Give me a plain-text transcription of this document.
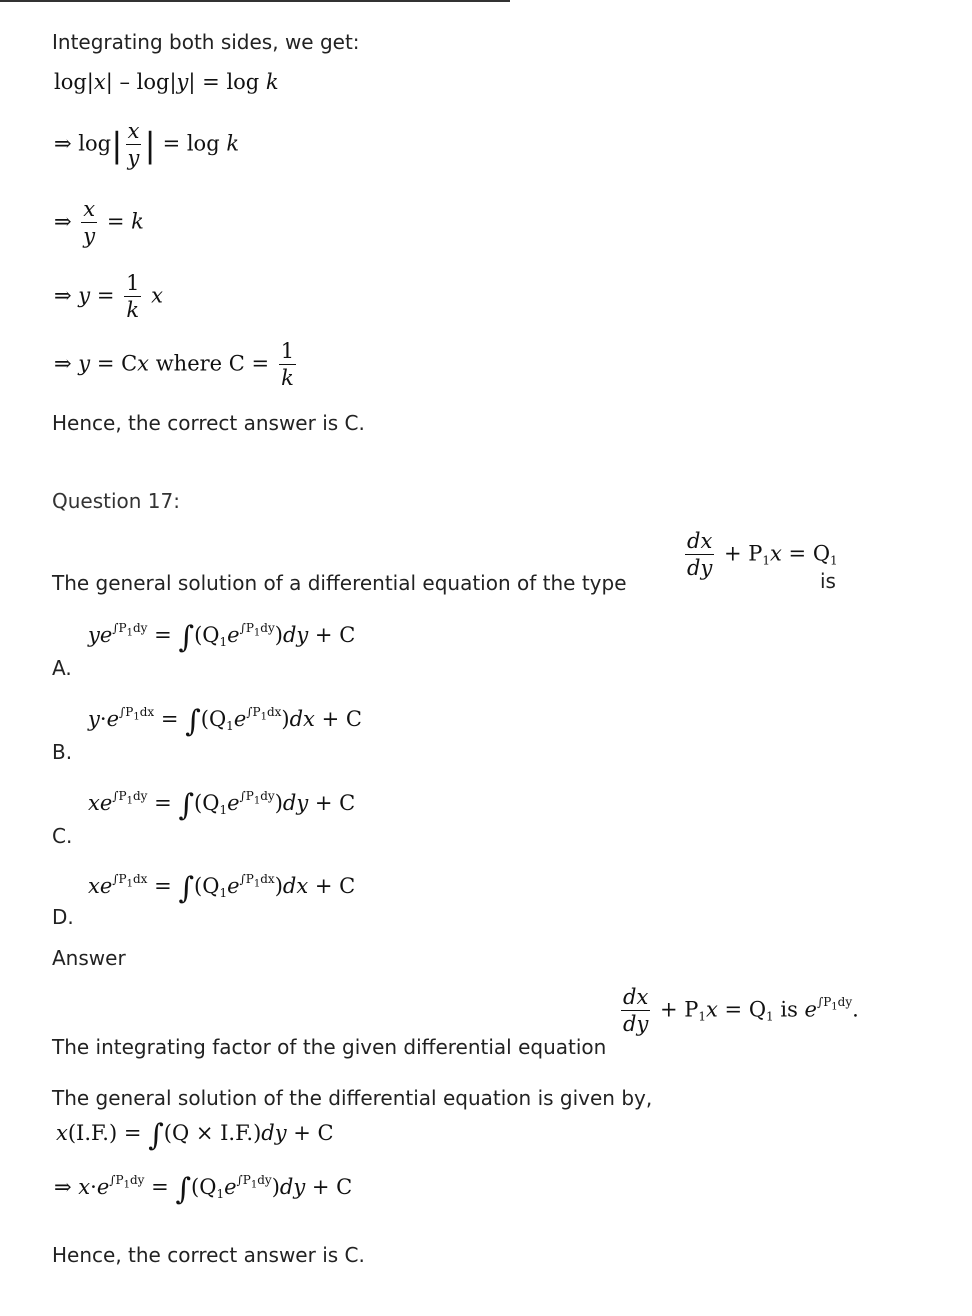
Integrating both sides, we get:
log|x| – log|y| = log k
⇒ $\log| \frac{x}{y}$ | = log k
⇒ $\frac{x}{y} = k$
⇒ $y = \frac{1}{k}$ x
⇒ y = Cx where $C = \frac{1}{k}$
Hence, the correct answer is C.
Question 17:
$\frac{dx}{dy} + P_1x = Q_1$
The general solution of a differential equation of the type	is
$ye^{\int P_1dy} = \int(Q_1e^{\int P_1dy})dy + C$
A.
$y\cdot e^{\int P_1dx} = \int(Q_1e^{\int P_1dx})dx + C$
B.
$xe^{\int P_1dy} = \int(Q_1e^{\int P_1dy})dy + C$
C.
$xe^{\int P_1dx} = \int(Q_1e^{\int P_1dx})dx + C$
D.
Answer
$\frac{dx}{dy} + P_1x = Q_1$ is $e^{\int P_1dy}$.
The integrating factor of the given differential equation
The general solution of the differential equation is given by,
x(I.F.) = ∫(Q × I.F.)dy + C
⇒ $x\cdot e^{\int P_1dy} = \int(Q_1e^{\int P_1dy})dy + C$
Hence, the correct answer is C.
